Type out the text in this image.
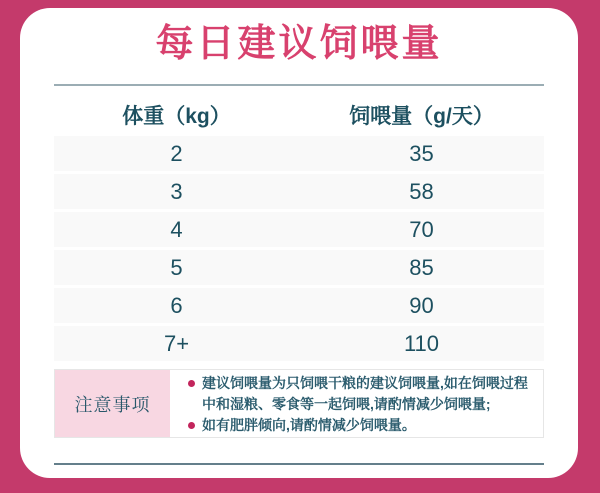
每日建议饲喂量
体重（kg）	饲喂量（g/天）
2	35
3	58
4	70
5	85
6	90
7+	110
注意事项
建议饲喂量为只饲喂干粮的建议饲喂量,如在饲喂过程中和湿粮、零食等一起饲喂,请酌情减少饲喂量;
如有肥胖倾向,请酌情减少饲喂量。
